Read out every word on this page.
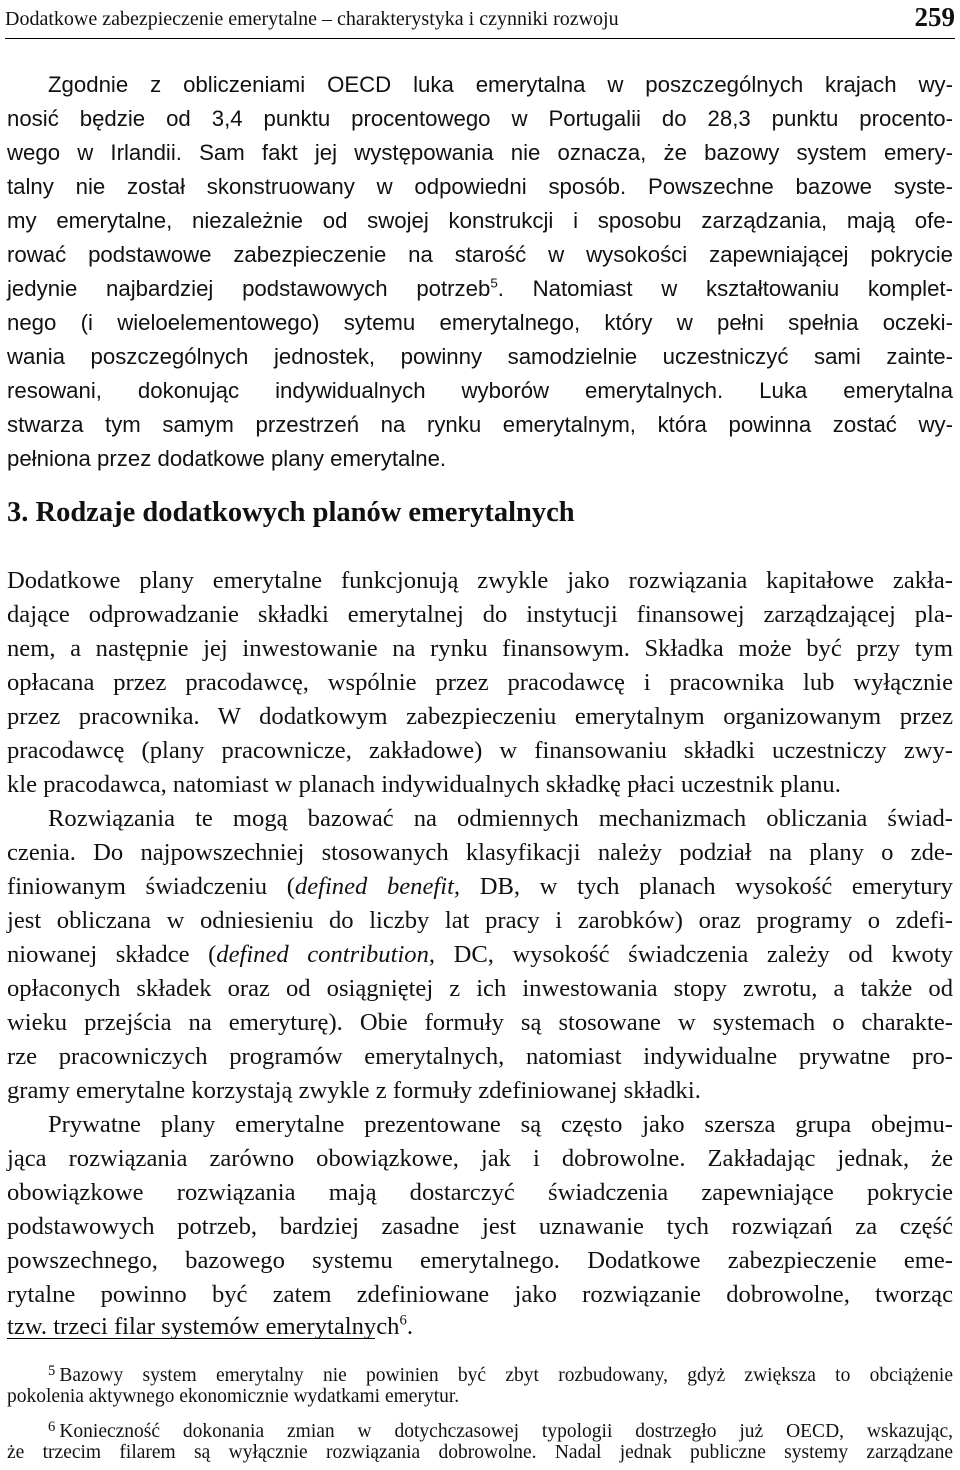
Dodatkowe zabezpieczenie emerytalne – charakterystyka i czynniki rozwoju	259
Zgodnie z obliczeniami OECD luka emerytalna w poszczególnych krajach wy-
nosić będzie od 3,4 punktu procentowego w Portugalii do 28,3 punktu procento-
wego w Irlandii. Sam fakt jej występowania nie oznacza, że bazowy system emery-
talny nie został skonstruowany w odpowiedni sposób. Powszechne bazowe syste-
my emerytalne, niezależnie od swojej konstrukcji i sposobu zarządzania, mają ofe-
rować podstawowe zabezpieczenie na starość w wysokości zapewniającej pokrycie
jedynie najbardziej podstawowych potrzeb$^5$. Natomiast w kształtowaniu komplet-
nego (i wieloelementowego) sytemu emerytalnego, który w pełni spełnia oczeki-
wania poszczególnych jednostek, powinny samodzielnie uczestniczyć sami zainte-
resowani, dokonując indywidualnych wyborów emerytalnych. Luka emerytalna
stwarza tym samym przestrzeń na rynku emerytalnym, która powinna zostać wy-
pełniona przez dodatkowe plany emerytalne.
3. Rodzaje dodatkowych planów emerytalnych
Dodatkowe plany emerytalne funkcjonują zwykle jako rozwiązania kapitałowe zakła-
dające odprowadzanie składki emerytalnej do instytucji finansowej zarządzającej pla-
nem, a następnie jej inwestowanie na rynku finansowym. Składka może być przy tym
opłacana przez pracodawcę, wspólnie przez pracodawcę i pracownika lub wyłącznie
przez pracownika. W dodatkowym zabezpieczeniu emerytalnym organizowanym przez
pracodawcę (plany pracownicze, zakładowe) w finansowaniu składki uczestniczy zwy-
kle pracodawca, natomiast w planach indywidualnych składkę płaci uczestnik planu.
Rozwiązania te mogą bazować na odmiennych mechanizmach obliczania świad-
czenia. Do najpowszechniej stosowanych klasyfikacji należy podział na plany o zde-
finiowanym świadczeniu (defined benefit, DB, w tych planach wysokość emerytury
jest obliczana w odniesieniu do liczby lat pracy i zarobków) oraz programy o zdefi-
niowanej składce (defined contribution, DC, wysokość świadczenia zależy od kwoty
opłaconych składek oraz od osiągniętej z ich inwestowania stopy zwrotu, a także od
wieku przejścia na emeryturę). Obie formuły są stosowane w systemach o charakte-
rze pracowniczych programów emerytalnych, natomiast indywidualne prywatne pro-
gramy emerytalne korzystają zwykle z formuły zdefiniowanej składki.
Prywatne plany emerytalne prezentowane są często jako szersza grupa obejmu-
jąca rozwiązania zarówno obowiązkowe, jak i dobrowolne. Zakładając jednak, że
obowiązkowe rozwiązania mają dostarczyć świadczenia zapewniające pokrycie
podstawowych potrzeb, bardziej zasadne jest uznawanie tych rozwiązań za część
powszechnego, bazowego systemu emerytalnego. Dodatkowe zabezpieczenie eme-
rytalne powinno być zatem zdefiniowane jako rozwiązanie dobrowolne, tworząc
tzw. trzeci filar systemów emerytalnych$^6$.
$^5$ Bazowy system emerytalny nie powinien być zbyt rozbudowany, gdyż zwiększa to obciążenie
pokolenia aktywnego ekonomicznie wydatkami emerytur.
$^6$ Konieczność dokonania zmian w dotychczasowej typologii dostrzegło już OECD, wskazując,
że trzecim filarem są wyłącznie rozwiązania dobrowolne. Nadal jednak publiczne systemy zarządzane
